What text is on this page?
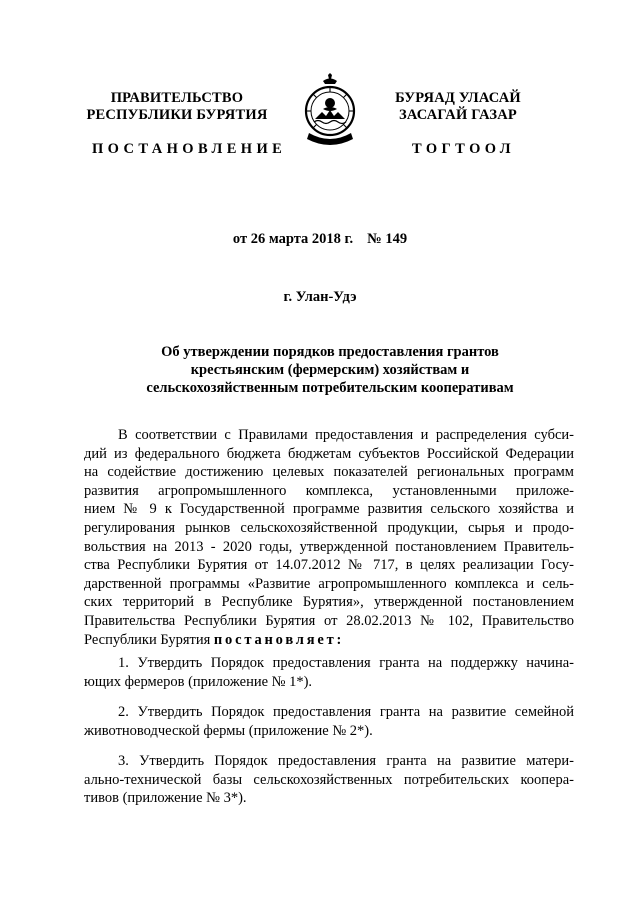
ПРАВИТЕЛЬСТВО
РЕСПУБЛИКИ БУРЯТИЯ
БУРЯАД УЛАСАЙ
ЗАСАГАЙ ГАЗАР
ПОСТАНОВЛЕНИЕ	ТОГТООЛ
от 26 марта 2018 г. № 149
г. Улан-Удэ
Об утверждении порядков предоставления грантов
крестьянским (фермерским) хозяйствам и
сельскохозяйственным потребительским кооперативам
В соответствии с Правилами предоставления и распределения субси-
дий из федерального бюджета бюджетам субъектов Российской Федерации
на содействие достижению целевых показателей региональных программ
развития агропромышленного комплекса, установленными приложе-
нием № 9 к Государственной программе развития сельского хозяйства и
регулирования рынков сельскохозяйственной продукции, сырья и продо-
вольствия на 2013 - 2020 годы, утвержденной постановлением Правитель-
ства Республики Бурятия от 14.07.2012 № 717, в целях реализации Госу-
дарственной программы «Развитие агропромышленного комплекса и сель-
ских территорий в Республике Бурятия», утвержденной постановлением
Правительства Республики Бурятия от 28.02.2013 № 102, Правительство
Республики Бурятия постановляет:
1. Утвердить Порядок предоставления гранта на поддержку начина-
ющих фермеров (приложение № 1*).
2. Утвердить Порядок предоставления гранта на развитие семейной
животноводческой фермы (приложение № 2*).
3. Утвердить Порядок предоставления гранта на развитие матери-
ально-технической базы сельскохозяйственных потребительских коопера-
тивов (приложение № 3*).
